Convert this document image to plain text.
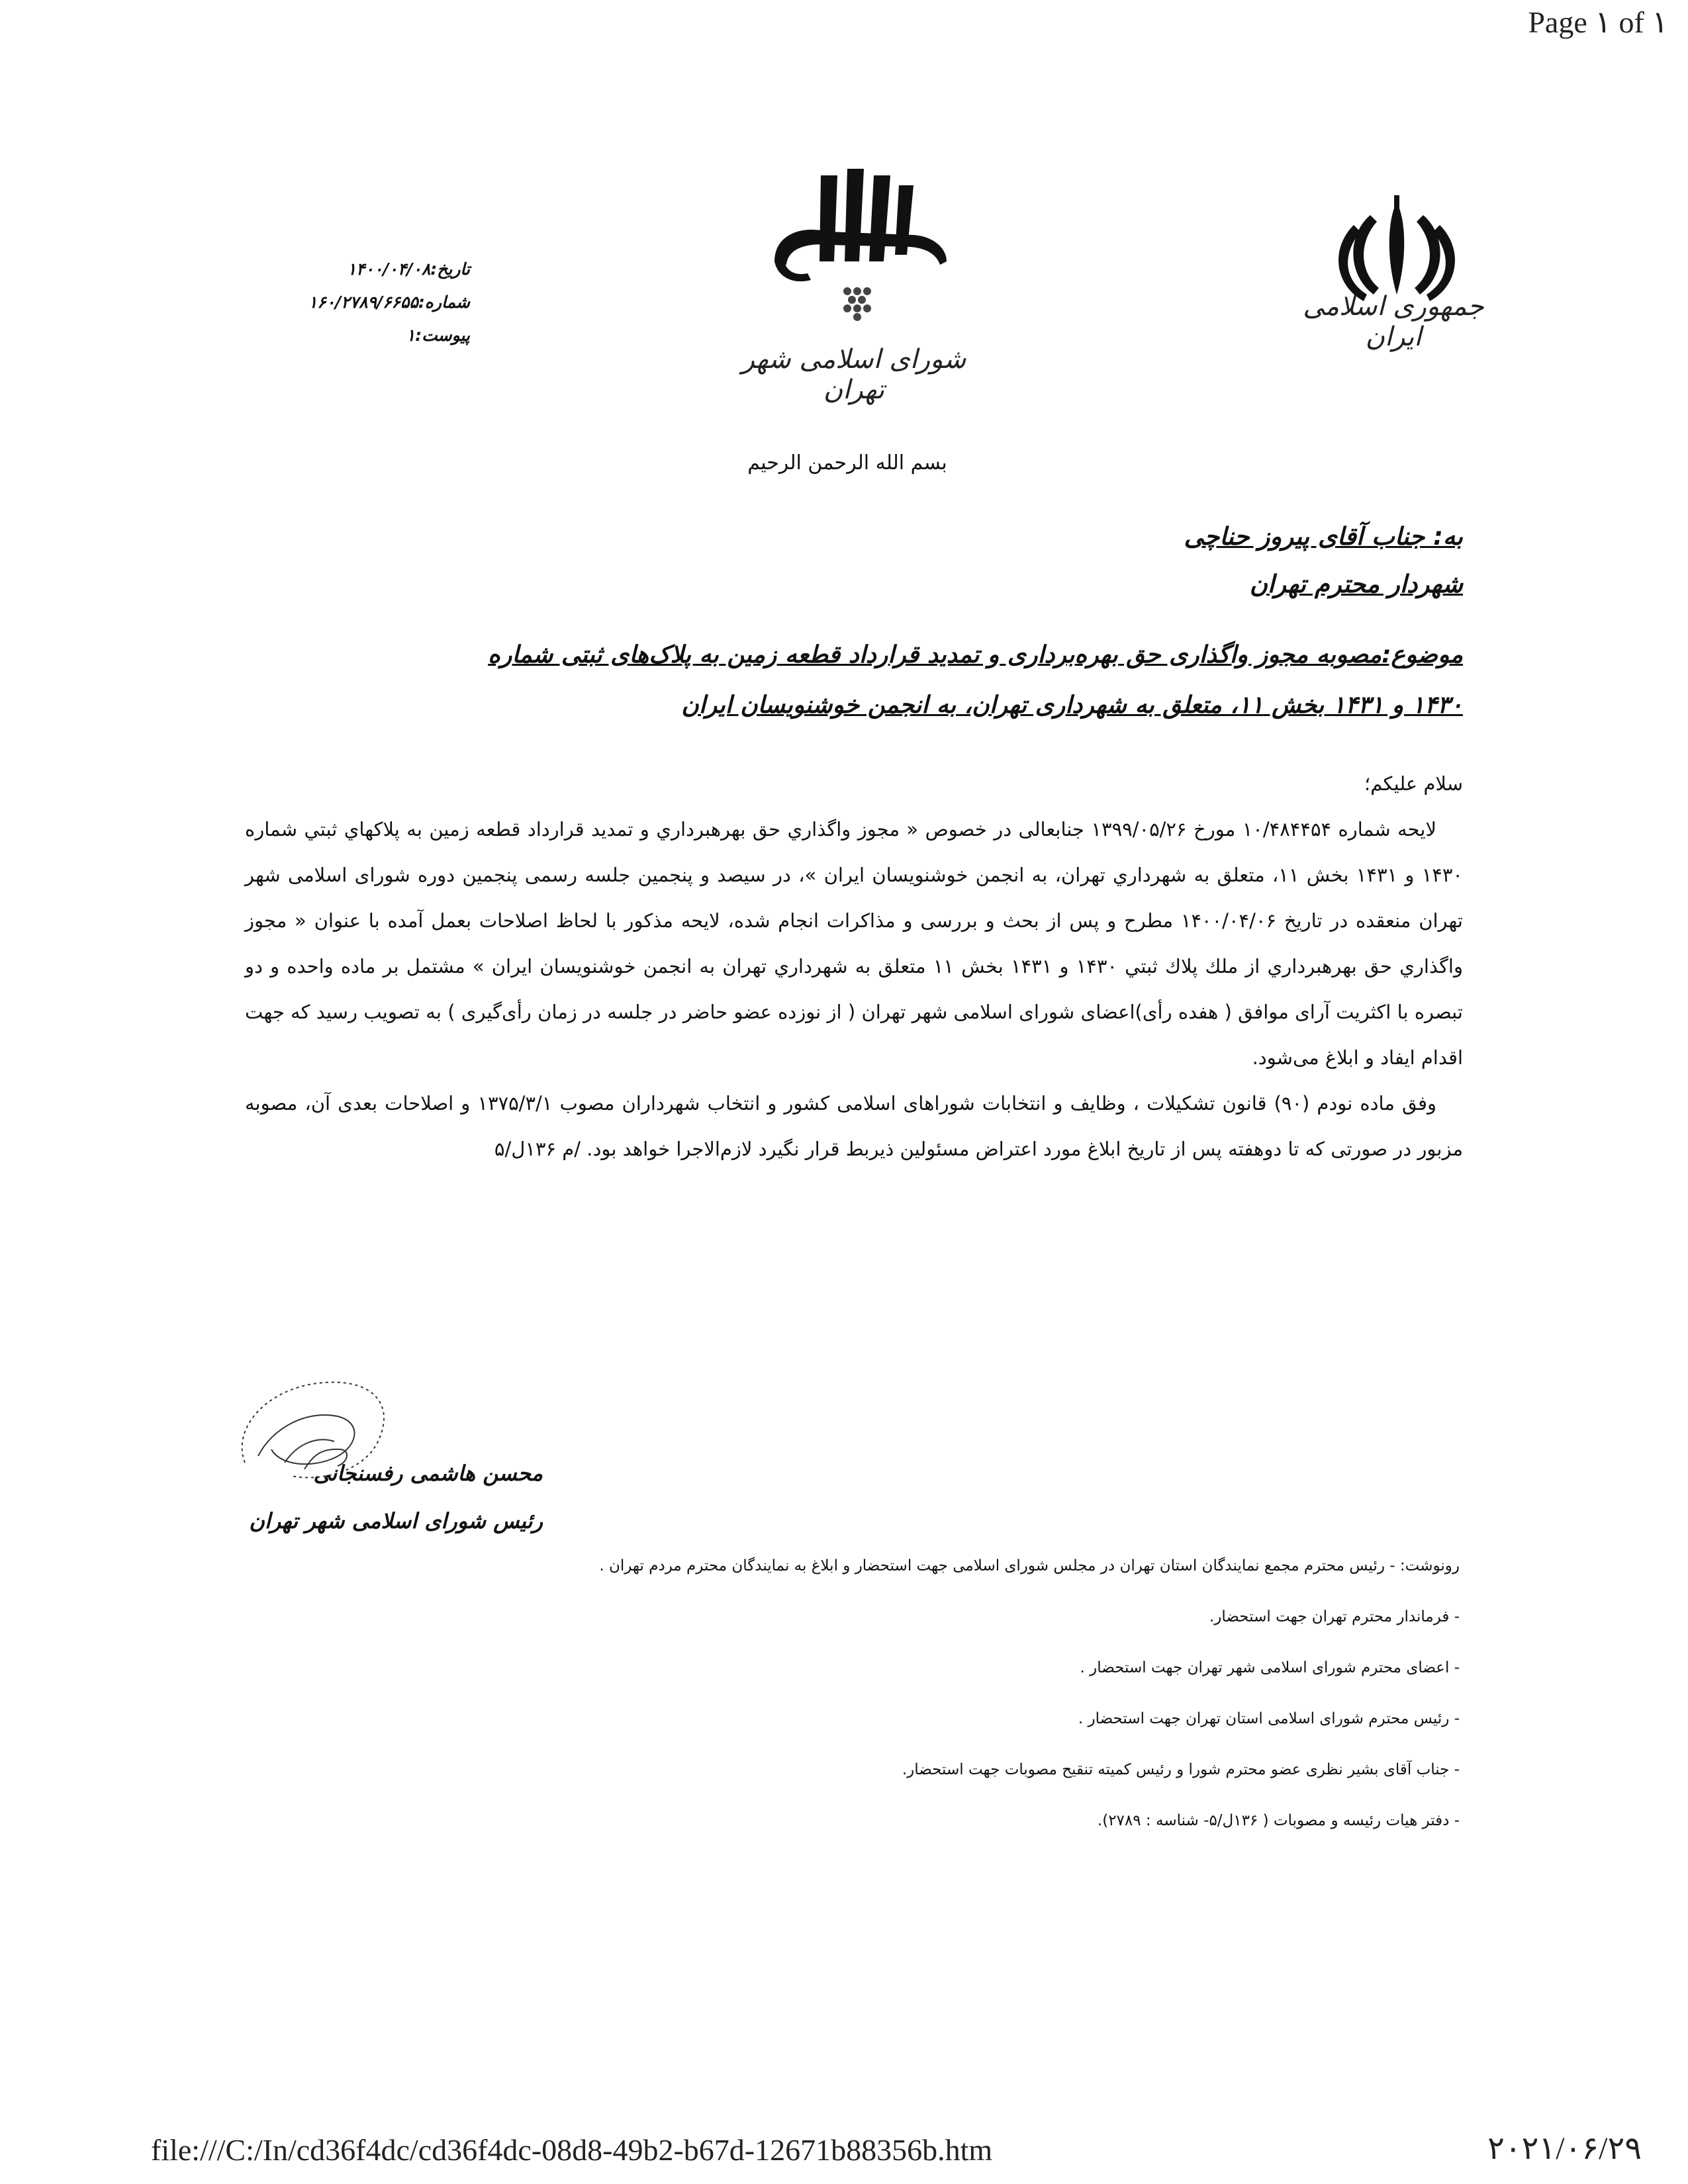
Page ١ of ١
جمهوری اسلامی ایران
شورای اسلامی شهر تهران
تاریخ:۱۴۰۰/۰۴/۰۸
شماره:۱۶۰/۲۷۸۹/۶۶۵۵
پیوست:۱
بسم الله الرحمن الرحیم
به: جناب آقای پیروز حناچی
شهردار محترم تهران
موضوع:مصوبه مجوز واگذاری حق بهره‌برداری و تمدید قرارداد قطعه زمین به پلاک‌های ثبتی شماره
۱۴۳۰ و ۱۴۳۱ بخش ۱۱، متعلق به شهرداری تهران، به انجمن خوشنویسان ایران

سلام علیکم؛

لایحه شماره ۱۰/۴۸۴۴۵۴ مورخ ۱۳۹۹/۰۵/۲۶ جنابعالی در خصوص « مجوز واگذاري حق بهرهبرداري و تمديد قرارداد قطعه زمين به پلاكهاي ثبتي شماره ۱۴۳۰ و ۱۴۳۱ بخش ۱۱، متعلق به شهرداري تهران، به انجمن خوشنويسان ايران »، در سیصد و پنجمین جلسه رسمی پنجمین دوره شورای اسلامی شهر تهران منعقده در تاریخ ۱۴۰۰/۰۴/۰۶ مطرح و پس از بحث و بررسی و مذاکرات انجام شده، لایحه مذکور با لحاظ اصلاحات بعمل آمده با عنوان « مجوز واگذاري حق بهرهبرداري از ملك پلاك ثبتي ۱۴۳۰ و ۱۴۳۱ بخش ۱۱ متعلق به شهرداري تهران به انجمن خوشنويسان ايران » مشتمل بر ماده واحده و دو تبصره با اکثریت آرای موافق ( هفده رأی)اعضای شورای اسلامی شهر تهران ( از نوزده عضو حاضر در جلسه در زمان رأی‌گیری ) به تصویب رسید که جهت اقدام ایفاد و ابلاغ می‌شود.

وفق ماده نودم (۹۰) قانون تشکیلات ، وظایف و انتخابات شوراهای اسلامی کشور و انتخاب شهرداران مصوب ۱۳۷۵/۳/۱ و اصلاحات بعدی آن، مصوبه مزبور در صورتی که تا دوهفته پس از تاریخ ابلاغ مورد اعتراض مسئولین ذیربط قرار نگیرد لازم‌الاجرا خواهد بود. /م ۱۳۶ل/۵

محسن هاشمی رفسنجانی
رئیس شورای اسلامی شهر تهران
رونوشت: - رئیس محترم مجمع نمایندگان استان تهران در مجلس شورای اسلامی جهت استحضار و ابلاغ به نمایندگان محترم مردم تهران .
- فرماندار محترم تهران جهت استحضار.
- اعضای محترم شورای اسلامی شهر تهران جهت استحضار .
- رئیس محترم شورای اسلامی استان تهران جهت استحضار .
- جناب آقای بشیر نظری عضو محترم شورا و رئیس کمیته تنقیح مصوبات جهت استحضار.
- دفتر هیات رئیسه و مصوبات ( ۱۳۶ل/۵- شناسه : ۲۷۸۹).
file:///C:/In/cd36f4dc/cd36f4dc-08d8-49b2-b67d-12671b88356b.htm	٢٠٢١/٠۶/٢٩
